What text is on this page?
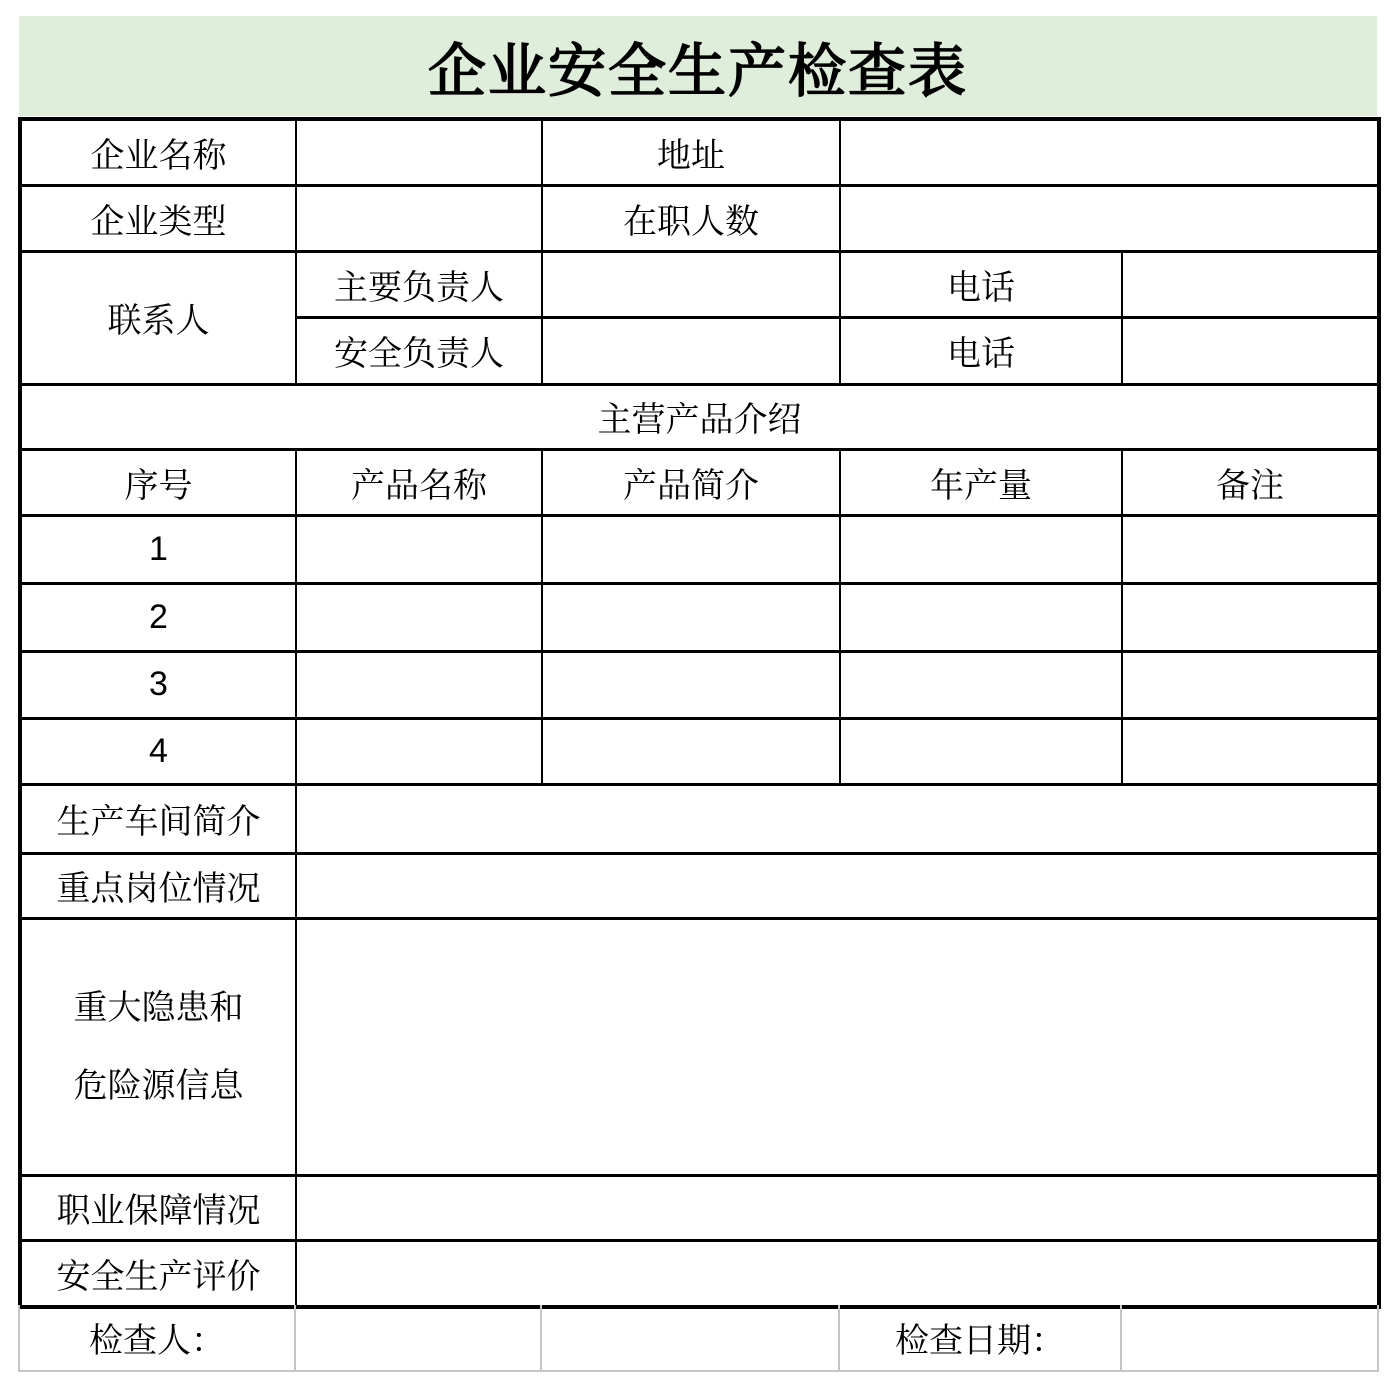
企业安全生产检查表
企业名称		地址		
企业类型		在职人数		
联系人	主要负责人		电话	
	安全负责人		电话	
主营产品介绍				
序号	产品名称	产品简介	年产量	备注
1				
2				
3				
4				
生产车间简介				
重点岗位情况				

重大隐患和
危险源信息				

职业保障情况				
安全生产评价				
检查人：			检查日期：	
